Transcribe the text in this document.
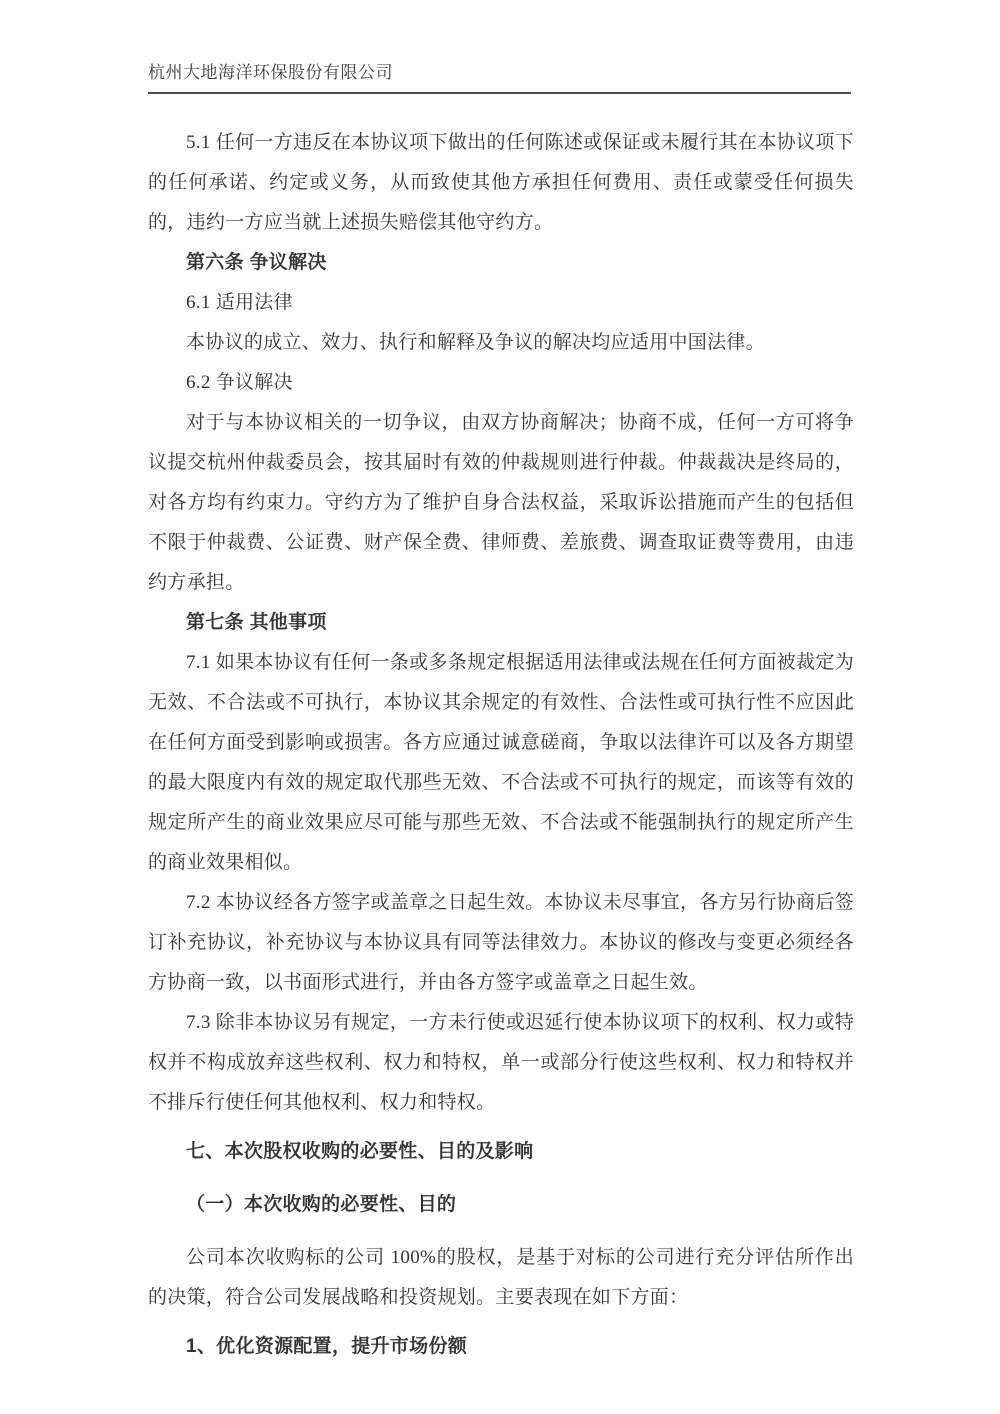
杭州大地海洋环保股份有限公司

5.1 任何一方违反在本协议项下做出的任何陈述或保证或未履行其在本协议项下的任何承诺、约定或义务，从而致使其他方承担任何费用、责任或蒙受任何损失的，违约一方应当就上述损失赔偿其他守约方。

第六条 争议解决

6.1 适用法律

本协议的成立、效力、执行和解释及争议的解决均应适用中国法律。

6.2 争议解决

对于与本协议相关的一切争议，由双方协商解决；协商不成，任何一方可将争议提交杭州仲裁委员会，按其届时有效的仲裁规则进行仲裁。仲裁裁决是终局的，对各方均有约束力。守约方为了维护自身合法权益，采取诉讼措施而产生的包括但不限于仲裁费、公证费、财产保全费、律师费、差旅费、调查取证费等费用，由违约方承担。

第七条 其他事项

7.1 如果本协议有任何一条或多条规定根据适用法律或法规在任何方面被裁定为无效、不合法或不可执行，本协议其余规定的有效性、合法性或可执行性不应因此在任何方面受到影响或损害。各方应通过诚意磋商，争取以法律许可以及各方期望的最大限度内有效的规定取代那些无效、不合法或不可执行的规定，而该等有效的规定所产生的商业效果应尽可能与那些无效、不合法或不能强制执行的规定所产生的商业效果相似。

7.2 本协议经各方签字或盖章之日起生效。本协议未尽事宜，各方另行协商后签订补充协议，补充协议与本协议具有同等法律效力。本协议的修改与变更必须经各方协商一致，以书面形式进行，并由各方签字或盖章之日起生效。

7.3 除非本协议另有规定，一方未行使或迟延行使本协议项下的权利、权力或特权并不构成放弃这些权利、权力和特权，单一或部分行使这些权利、权力和特权并不排斥行使任何其他权利、权力和特权。

七、本次股权收购的必要性、目的及影响

（一）本次收购的必要性、目的

公司本次收购标的公司 100%的股权，是基于对标的公司进行充分评估所作出的决策，符合公司发展战略和投资规划。主要表现在如下方面：

1、优化资源配置，提升市场份额
